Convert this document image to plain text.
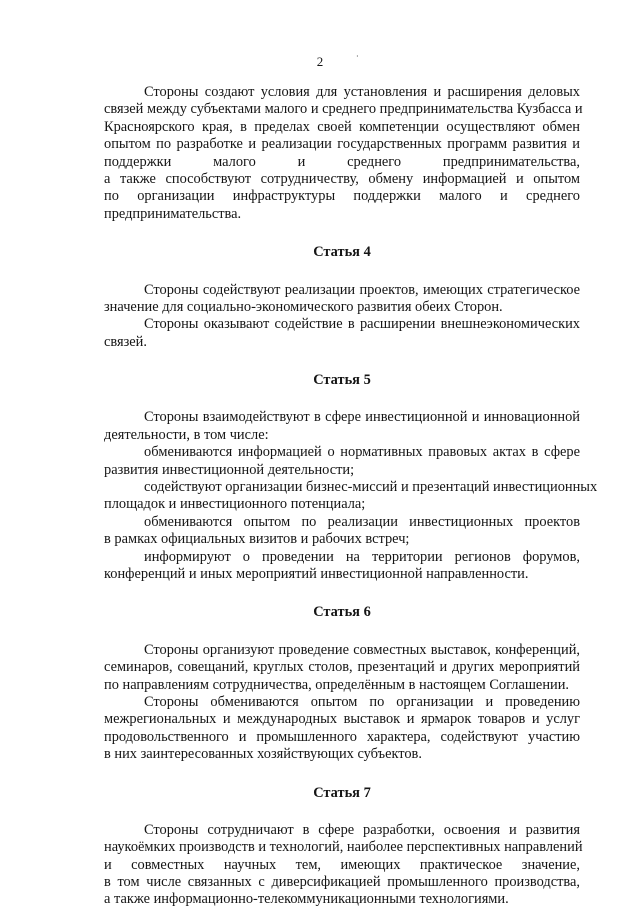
2	·
Стороны создают условия для установления и расширения деловых
связей между субъектами малого и среднего предпринимательства Кузбасса и
Красноярского края, в пределах своей компетенции осуществляют обмен
опытом по разработке и реализации государственных программ развития и
поддержки малого и среднего предпринимательства,
а также способствуют сотрудничеству, обмену информацией и опытом
по организации инфраструктуры поддержки малого и среднего
предпринимательства.
Статья 4
Стороны содействуют реализации проектов, имеющих стратегическое
значение для социально-экономического развития обеих Сторон.
Стороны оказывают содействие в расширении внешнеэкономических
связей.
Статья 5
Стороны взаимодействуют в сфере инвестиционной и инновационной
деятельности, в том числе:
обмениваются информацией о нормативных правовых актах в сфере
развития инвестиционной деятельности;
содействуют организации бизнес-миссий и презентаций инвестиционных
площадок и инвестиционного потенциала;
обмениваются опытом по реализации инвестиционных проектов
в рамках официальных визитов и рабочих встреч;
информируют о проведении на территории регионов форумов,
конференций и иных мероприятий инвестиционной направленности.
Статья 6
Стороны организуют проведение совместных выставок, конференций,
семинаров, совещаний, круглых столов, презентаций и других мероприятий
по направлениям сотрудничества, определённым в настоящем Соглашении.
Стороны обмениваются опытом по организации и проведению
межрегиональных и международных выставок и ярмарок товаров и услуг
продовольственного и промышленного характера, содействуют участию
в них заинтересованных хозяйствующих субъектов.
Статья 7
Стороны сотрудничают в сфере разработки, освоения и развития
наукоёмких производств и технологий, наиболее перспективных направлений
и совместных научных тем, имеющих практическое значение,
в том числе связанных с диверсификацией промышленного производства,
а также информационно-телекоммуникационными технологиями.
